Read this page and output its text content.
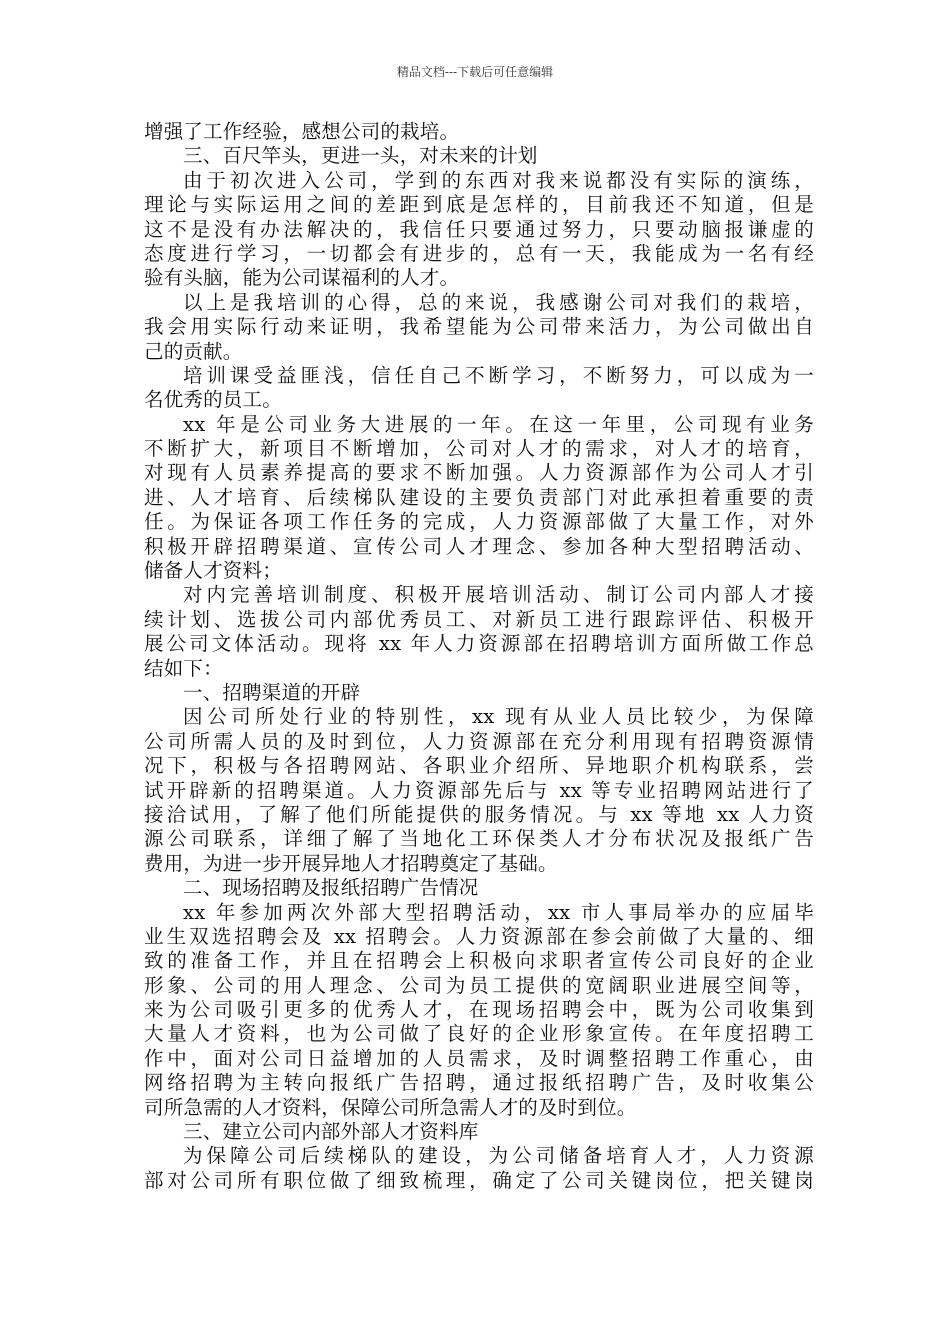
精品文档---下载后可任意编辑
增强了工作经验，感想公司的栽培。
三、百尺竿头，更进一头，对未来的计划
由于初次进入公司，学到的东西对我来说都没有实际的演练，
理论与实际运用之间的差距到底是怎样的，目前我还不知道，但是
这不是没有办法解决的，我信任只要通过努力，只要动脑报谦虚的
态度进行学习，一切都会有进步的，总有一天，我能成为一名有经
验有头脑，能为公司谋福利的人才。
以上是我培训的心得，总的来说，我感谢公司对我们的栽培，
我会用实际行动来证明，我希望能为公司带来活力，为公司做出自
己的贡献。
培训课受益匪浅，信任自己不断学习，不断努力，可以成为一
名优秀的员工。
xx 年是公司业务大进展的一年。在这一年里，公司现有业务
不断扩大，新项目不断增加，公司对人才的需求，对人才的培育，
对现有人员素养提高的要求不断加强。人力资源部作为公司人才引
进、人才培育、后续梯队建设的主要负责部门对此承担着重要的责
任。为保证各项工作任务的完成，人力资源部做了大量工作，对外
积极开辟招聘渠道、宣传公司人才理念、参加各种大型招聘活动、
储备人才资料；
对内完善培训制度、积极开展培训活动、制订公司内部人才接
续计划、选拔公司内部优秀员工、对新员工进行跟踪评估、积极开
展公司文体活动。现将 xx 年人力资源部在招聘培训方面所做工作总
结如下：
一、招聘渠道的开辟
因公司所处行业的特别性，xx 现有从业人员比较少，为保障
公司所需人员的及时到位，人力资源部在充分利用现有招聘资源情
况下，积极与各招聘网站、各职业介绍所、异地职介机构联系，尝
试开辟新的招聘渠道。人力资源部先后与 xx 等专业招聘网站进行了
接洽试用，了解了他们所能提供的服务情况。与 xx 等地 xx 人力资
源公司联系，详细了解了当地化工环保类人才分布状况及报纸广告
费用，为进一步开展异地人才招聘奠定了基础。
二、现场招聘及报纸招聘广告情况
xx 年参加两次外部大型招聘活动，xx 市人事局举办的应届毕
业生双选招聘会及 xx 招聘会。人力资源部在参会前做了大量的、细
致的准备工作，并且在招聘会上积极向求职者宣传公司良好的企业
形象、公司的用人理念、公司为员工提供的宽阔职业进展空间等，
来为公司吸引更多的优秀人才，在现场招聘会中，既为公司收集到
大量人才资料，也为公司做了良好的企业形象宣传。在年度招聘工
作中，面对公司日益增加的人员需求，及时调整招聘工作重心，由
网络招聘为主转向报纸广告招聘，通过报纸招聘广告，及时收集公
司所急需的人才资料，保障公司所急需人才的及时到位。
三、建立公司内部外部人才资料库
为保障公司后续梯队的建设，为公司储备培育人才，人力资源
部对公司所有职位做了细致梳理，确定了公司关键岗位，把关键岗
